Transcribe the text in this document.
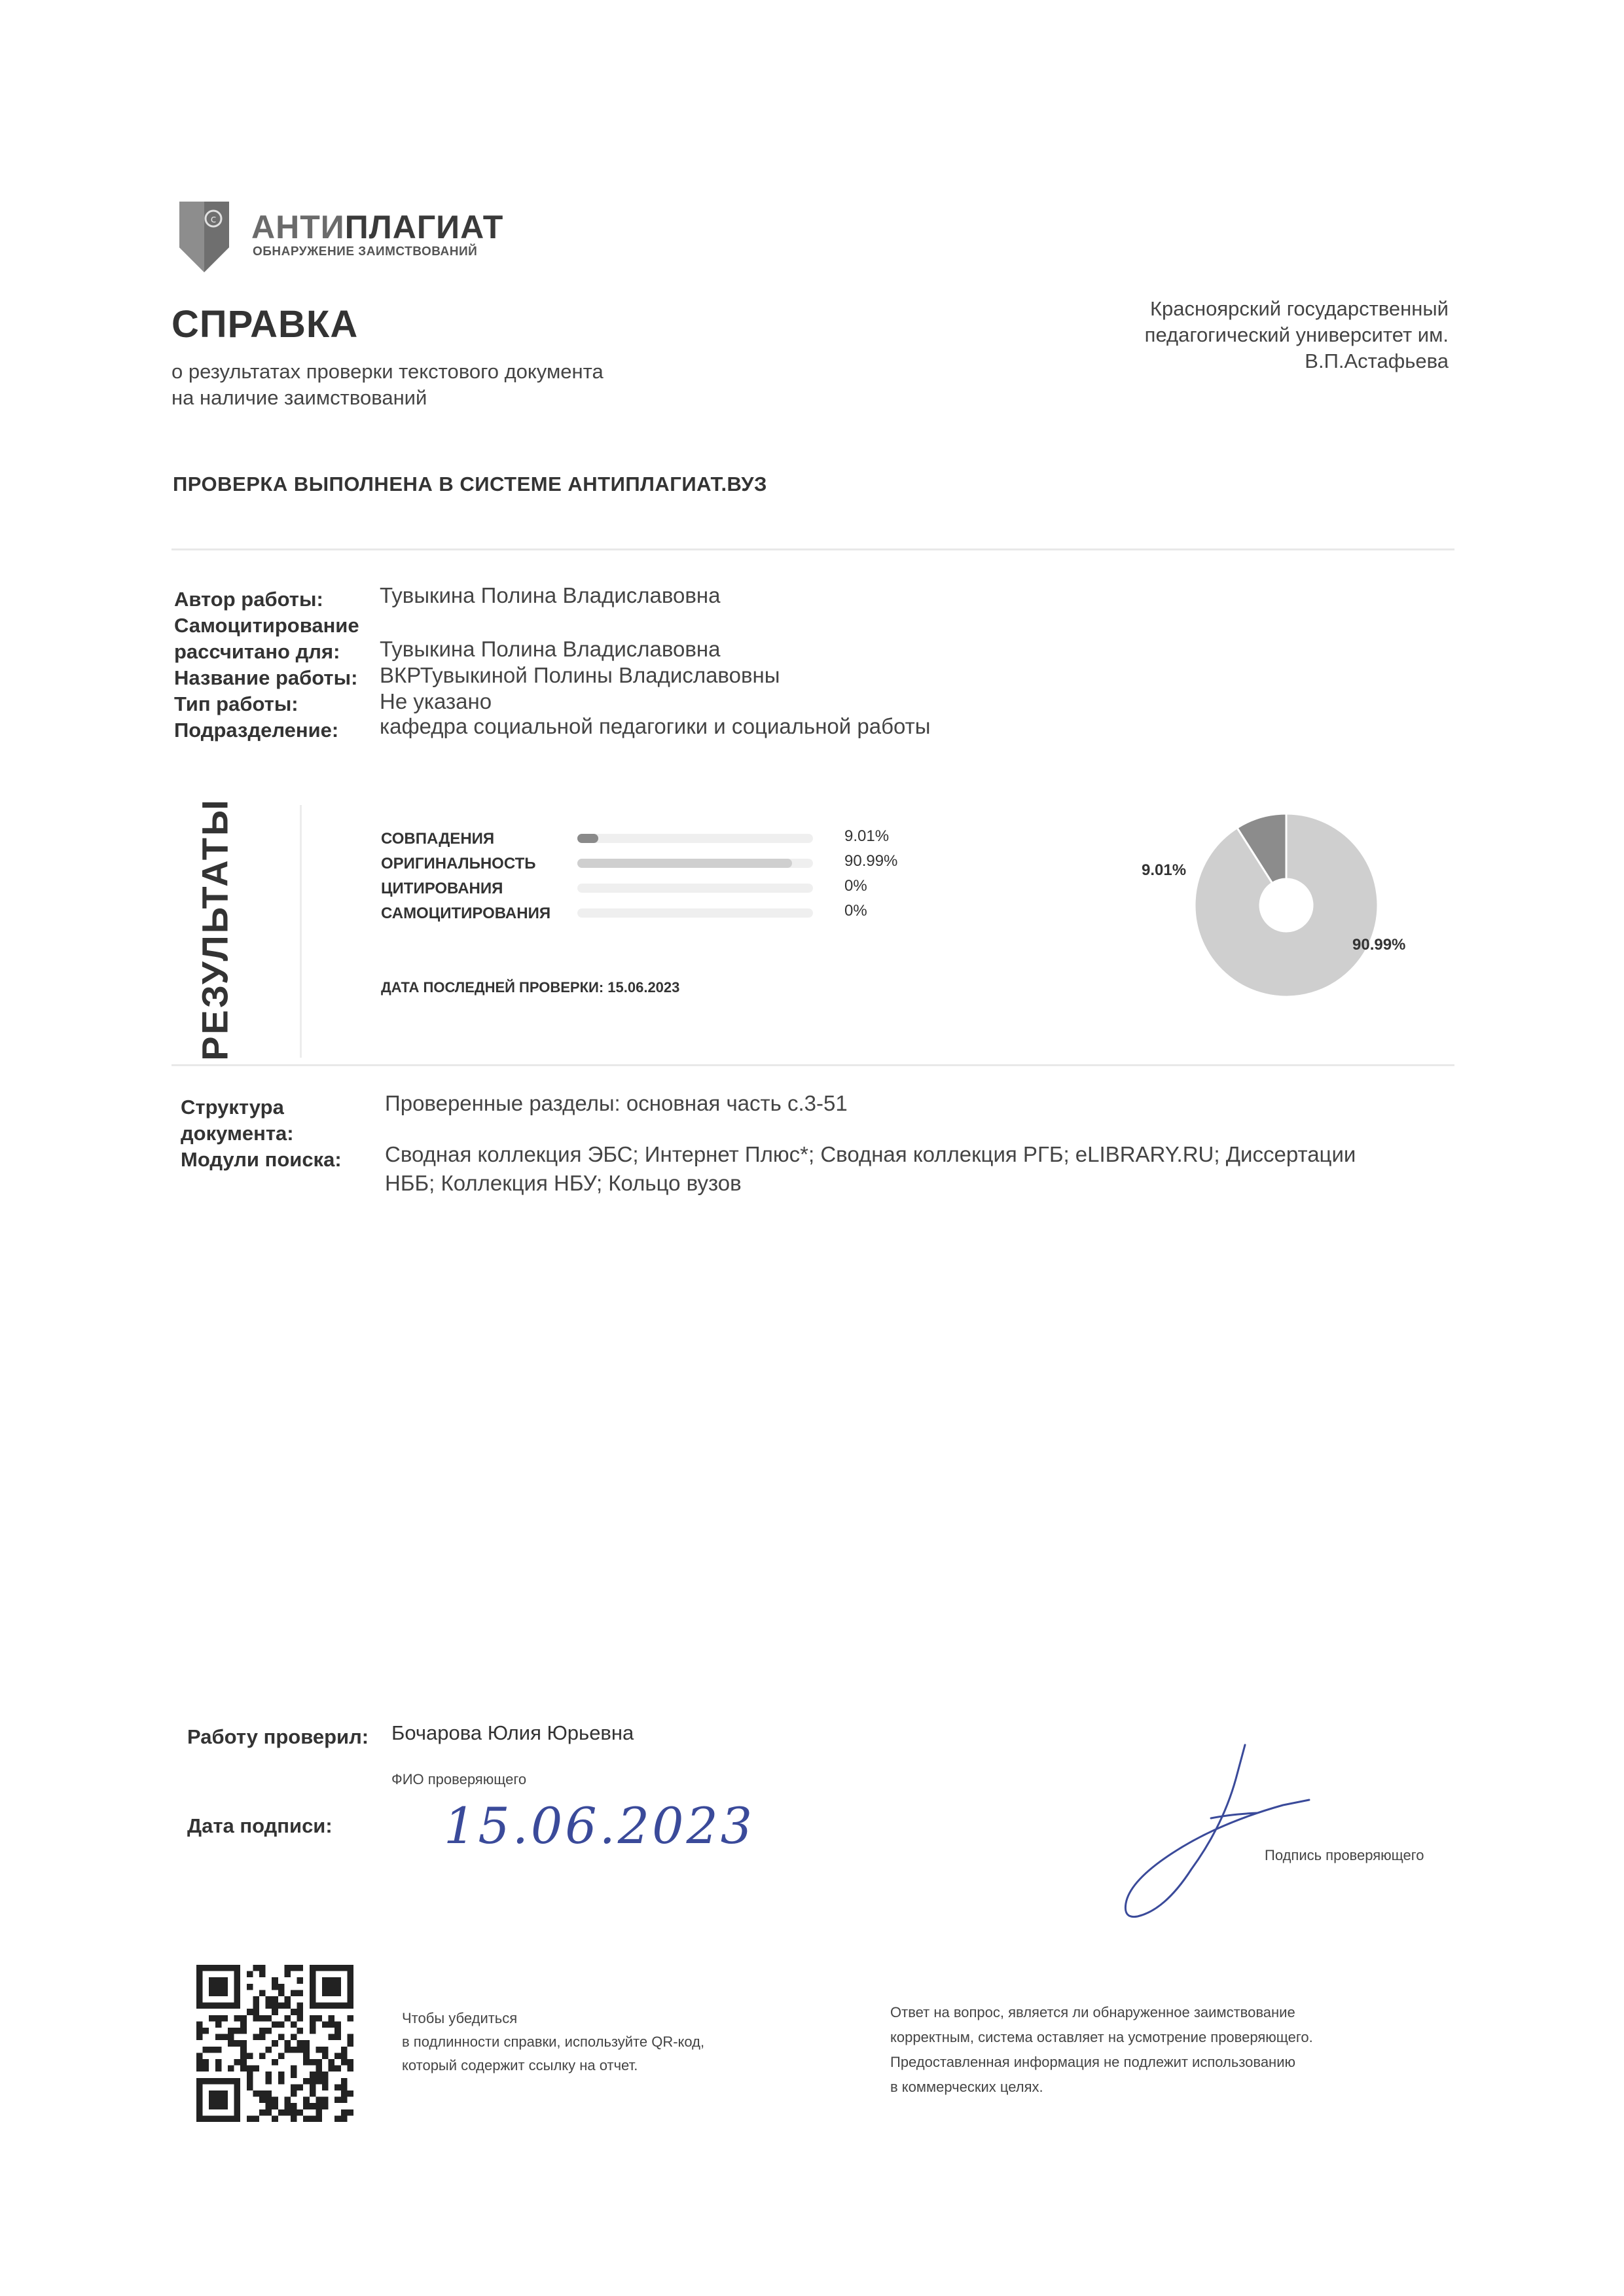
c АНТИПЛАГИАТ
ОБНАРУЖЕНИЕ ЗАИМСТВОВАНИЙ
СПРАВКА
о результатах проверки текстового документа
на наличие заимствований
Красноярский государственный
педагогический университет им.
В.П.Астафьева
ПРОВЕРКА ВЫПОЛНЕНА В СИСТЕМЕ АНТИПЛАГИАТ.ВУЗ
Автор работы:	Тувыкина Полина Владиславовна
Самоцитирование
рассчитано для: Тувыкина Полина Владиславовна
Название работы: ВКРТувыкиной Полины Владиславовны
Тип работы:	Не указано
Подразделение: кафедра социальной педагогики и социальной работы
РЕЗУЛЬТАТЫ	СОВПАДЕНИЯ	9.01%
ОРИГИНАЛЬНОСТЬ	90.99%
ЦИТИРОВАНИЯ	0%
САМОЦИТИРОВАНИЯ	0%
ДАТА ПОСЛЕДНЕЙ ПРОВЕРКИ: 15.06.2023
9.01%
90.99%
Структура
документа:
Проверенные разделы: основная часть с.3-51
Модули поиска: Сводная коллекция ЭБС; Интернет Плюс*; Сводная коллекция РГБ; eLIBRARY.RU; Диссертации
НББ; Коллекция НБУ; Кольцо вузов
Работу проверил: Бочарова Юлия Юрьевна
ФИО проверяющего
Дата подписи: 15.06.2023
Подпись проверяющего
Чтобы убедиться
в подлинности справки, используйте QR-код,
который содержит ссылку на отчет.
Ответ на вопрос, является ли обнаруженное заимствование
корректным, система оставляет на усмотрение проверяющего.
Предоставленная информация не подлежит использованию
в коммерческих целях.
